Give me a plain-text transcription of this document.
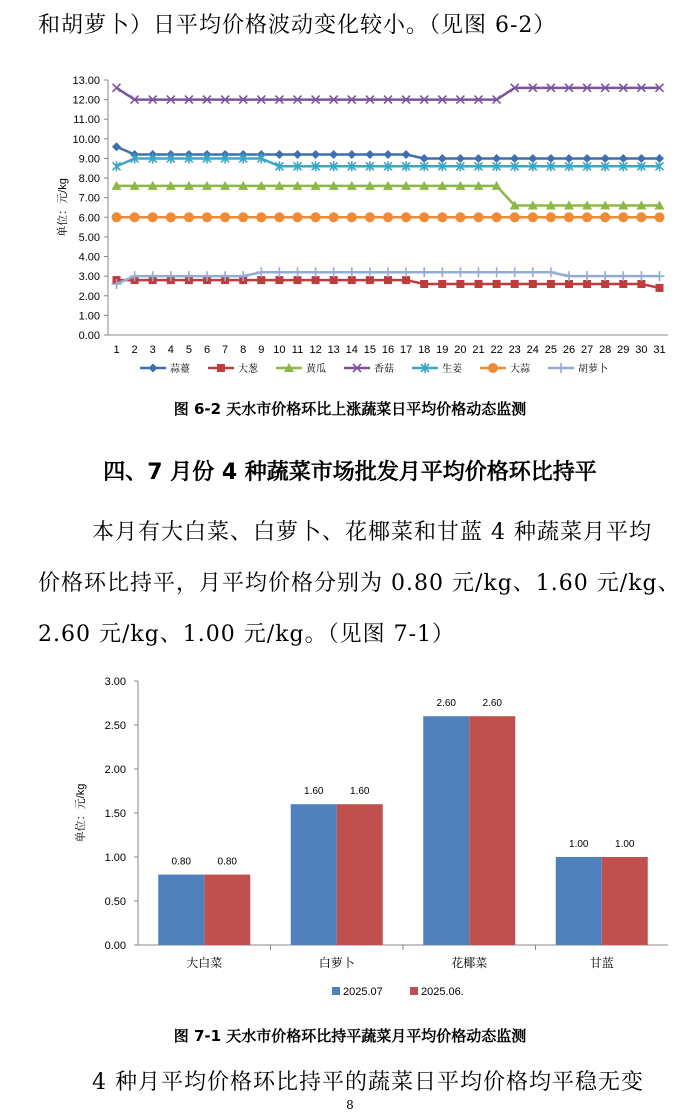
和胡萝卜）日平均价格波动变化较小。（见图 6-2）
0.00
1.00
2.00
3.00
4.00
5.00
6.00
7.00
8.00
9.00
10.00
11.00
12.00
13.00
1 2 3 4 5 6 7 8 9 10 11 12 13 14 15 16 17 18 19 20 21 22 23 24 25 26 27 28 29 30 31
单位：元/kg
蒜薹	大葱	黄瓜	香菇	生姜	大蒜	胡萝卜
图 6-2 天水市价格环比上涨蔬菜日平均价格动态监测
四、7 月份 4 种蔬菜市场批发月平均价格环比持平
本月有大白菜、白萝卜、花椰菜和甘蓝 4 种蔬菜月平均
价格环比持平，月平均价格分别为 0.80 元/kg、1.60 元/kg、
2.60 元/kg、1.00 元/kg。（见图 7-1）
0.00
0.50
1.00
1.50
2.00
2.50
3.00
单位：元/kg
大白菜
0.80	0.80
白萝卜
1.60	1.60
花椰菜
2.60	2.60
甘蓝
1.00	1.00
2025.07	2025.06.
图 7-1 天水市价格环比持平蔬菜月平均价格动态监测
4 种月平均价格环比持平的蔬菜日平均价格均平稳无变
8
